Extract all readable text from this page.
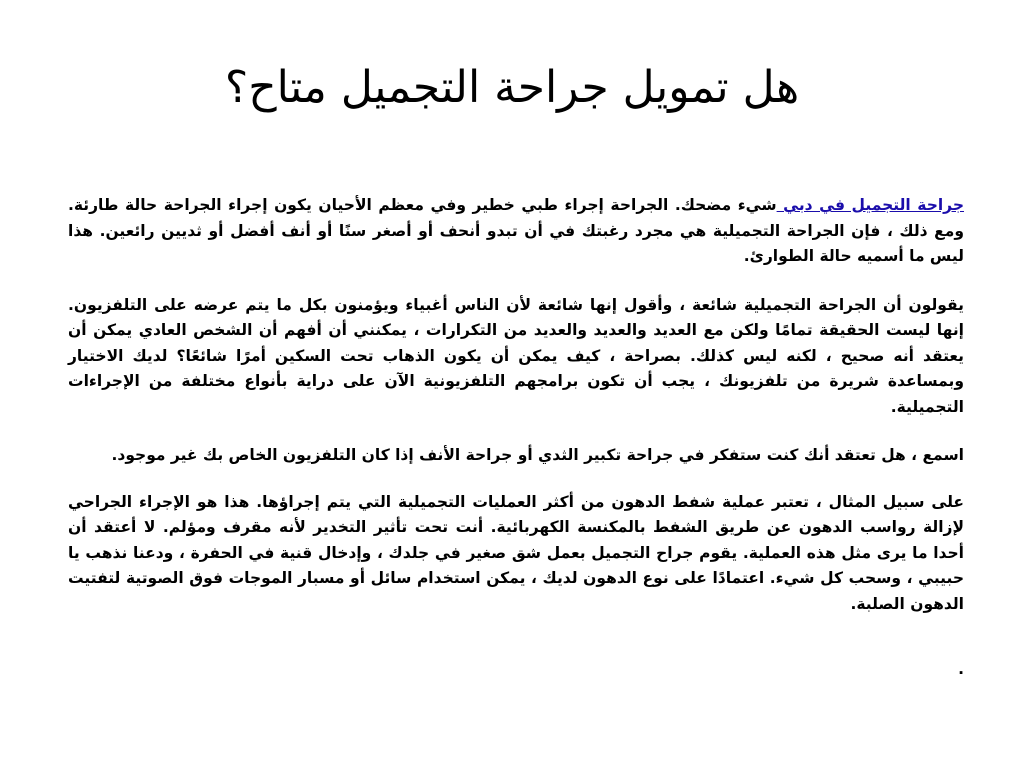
هل تمويل جراحة التجميل متاح؟

جراحة التجميل في دبي شيء مضحك. الجراحة إجراء طبي خطير وفي معظم الأحيان يكون إجراء الجراحة حالة طارئة. ومع ذلك ، فإن الجراحة التجميلية هي مجرد رغبتك في أن تبدو أنحف أو أصغر سنًا أو أنف أفضل أو ثديين رائعين. هذا ليس ما أسميه حالة الطوارئ.

يقولون أن الجراحة التجميلية شائعة ، وأقول إنها شائعة لأن الناس أغبياء ويؤمنون بكل ما يتم عرضه على التلفزيون. إنها ليست الحقيقة تمامًا ولكن مع العديد والعديد والعديد من التكرارات ، يمكنني أن أفهم أن الشخص العادي يمكن أن يعتقد أنه صحيح ، لكنه ليس كذلك. بصراحة ، كيف يمكن أن يكون الذهاب تحت السكين أمرًا شائعًا؟ لديك الاختيار وبمساعدة شريرة من تلفزيونك ، يجب أن تكون برامجهم التلفزيونية الآن على دراية بأنواع مختلفة من الإجراءات التجميلية.

اسمع ، هل تعتقد أنك كنت ستفكر في جراحة تكبير الثدي أو جراحة الأنف إذا كان التلفزيون الخاص بك غير موجود.

على سبيل المثال ، تعتبر عملية شفط الدهون من أكثر العمليات التجميلية التي يتم إجراؤها. هذا هو الإجراء الجراحي لإزالة رواسب الدهون عن طريق الشفط بالمكنسة الكهربائية. أنت تحت تأثير التخدير لأنه مقرف ومؤلم. لا أعتقد أن أحدا ما يرى مثل هذه العملية. يقوم جراح التجميل بعمل شق صغير في جلدك ، وإدخال قنية في الحفرة ، ودعنا نذهب يا حبيبي ، وسحب كل شيء. اعتمادًا على نوع الدهون لديك ، يمكن استخدام سائل أو مسبار الموجات فوق الصوتية لتفتيت الدهون الصلبة.

.
